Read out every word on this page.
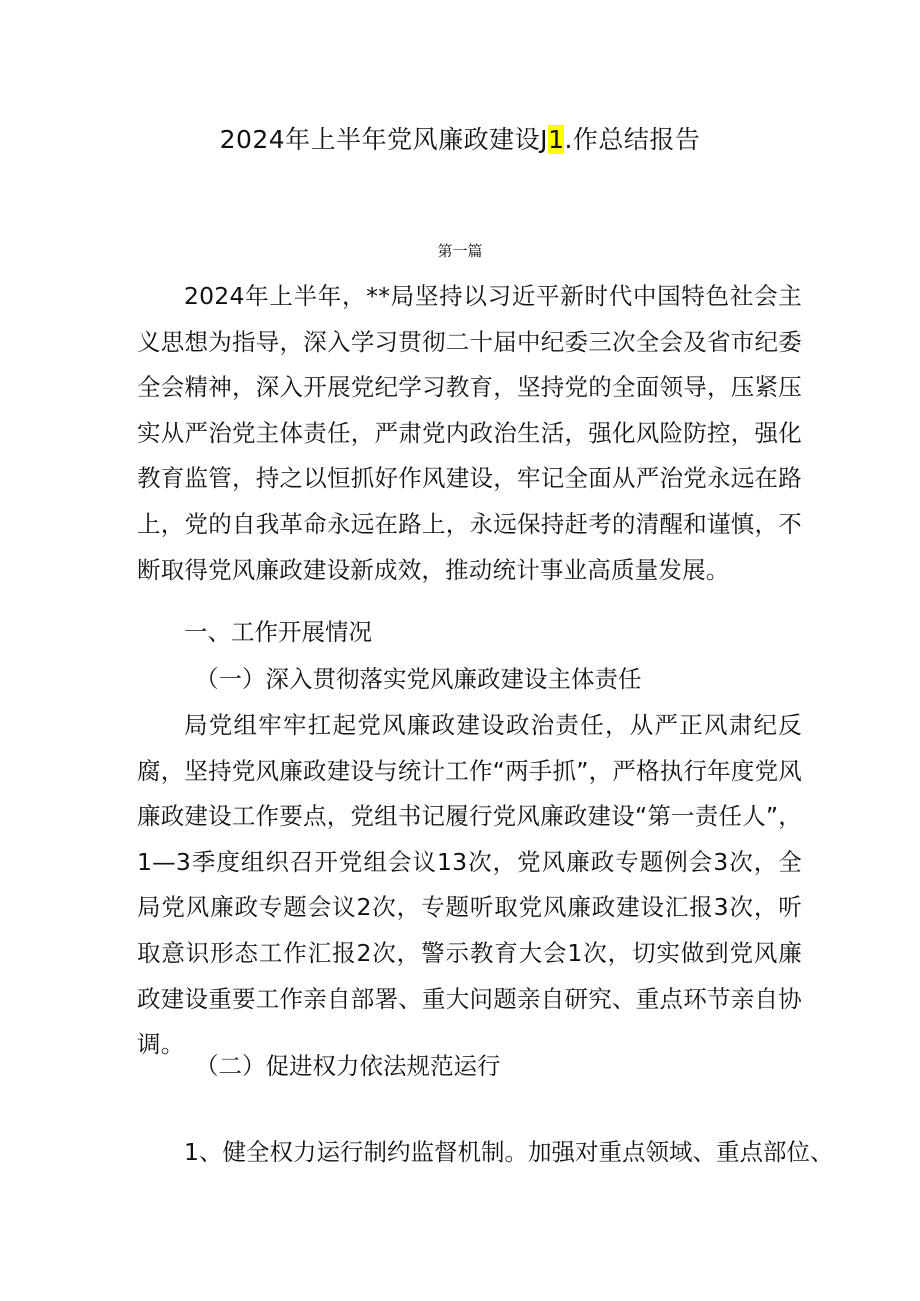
2024年上半年党风廉政建设J1.作总结报告
第一篇

2024年上半年，**局坚持以习近平新时代中国特色社会主义思想为指导，深入学习贯彻二十届中纪委三次全会及省市纪委全会精神，深入开展党纪学习教育，坚持党的全面领导，压紧压实从严治党主体责任，严肃党内政治生活，强化风险防控，强化教育监管，持之以恒抓好作风建设，牢记全面从严治党永远在路上，党的自我革命永远在路上，永远保持赶考的清醒和谨慎，不断取得党风廉政建设新成效，推动统计事业高质量发展。

一、工作开展情况

（一）深入贯彻落实党风廉政建设主体责任

局党组牢牢扛起党风廉政建设政治责任，从严正风肃纪反腐，坚持党风廉政建设与统计工作“两手抓”，严格执行年度党风廉政建设工作要点，党组书记履行党风廉政建设“第一责任人”，1—3季度组织召开党组会议13次，党风廉政专题例会3次，全局党风廉政专题会议2次，专题听取党风廉政建设汇报3次，听取意识形态工作汇报2次，警示教育大会1次，切实做到党风廉政建设重要工作亲自部署、重大问题亲自研究、重点环节亲自协调。

（二）促进权力依法规范运行

1、健全权力运行制约监督机制。加强对重点领域、重点部位、
